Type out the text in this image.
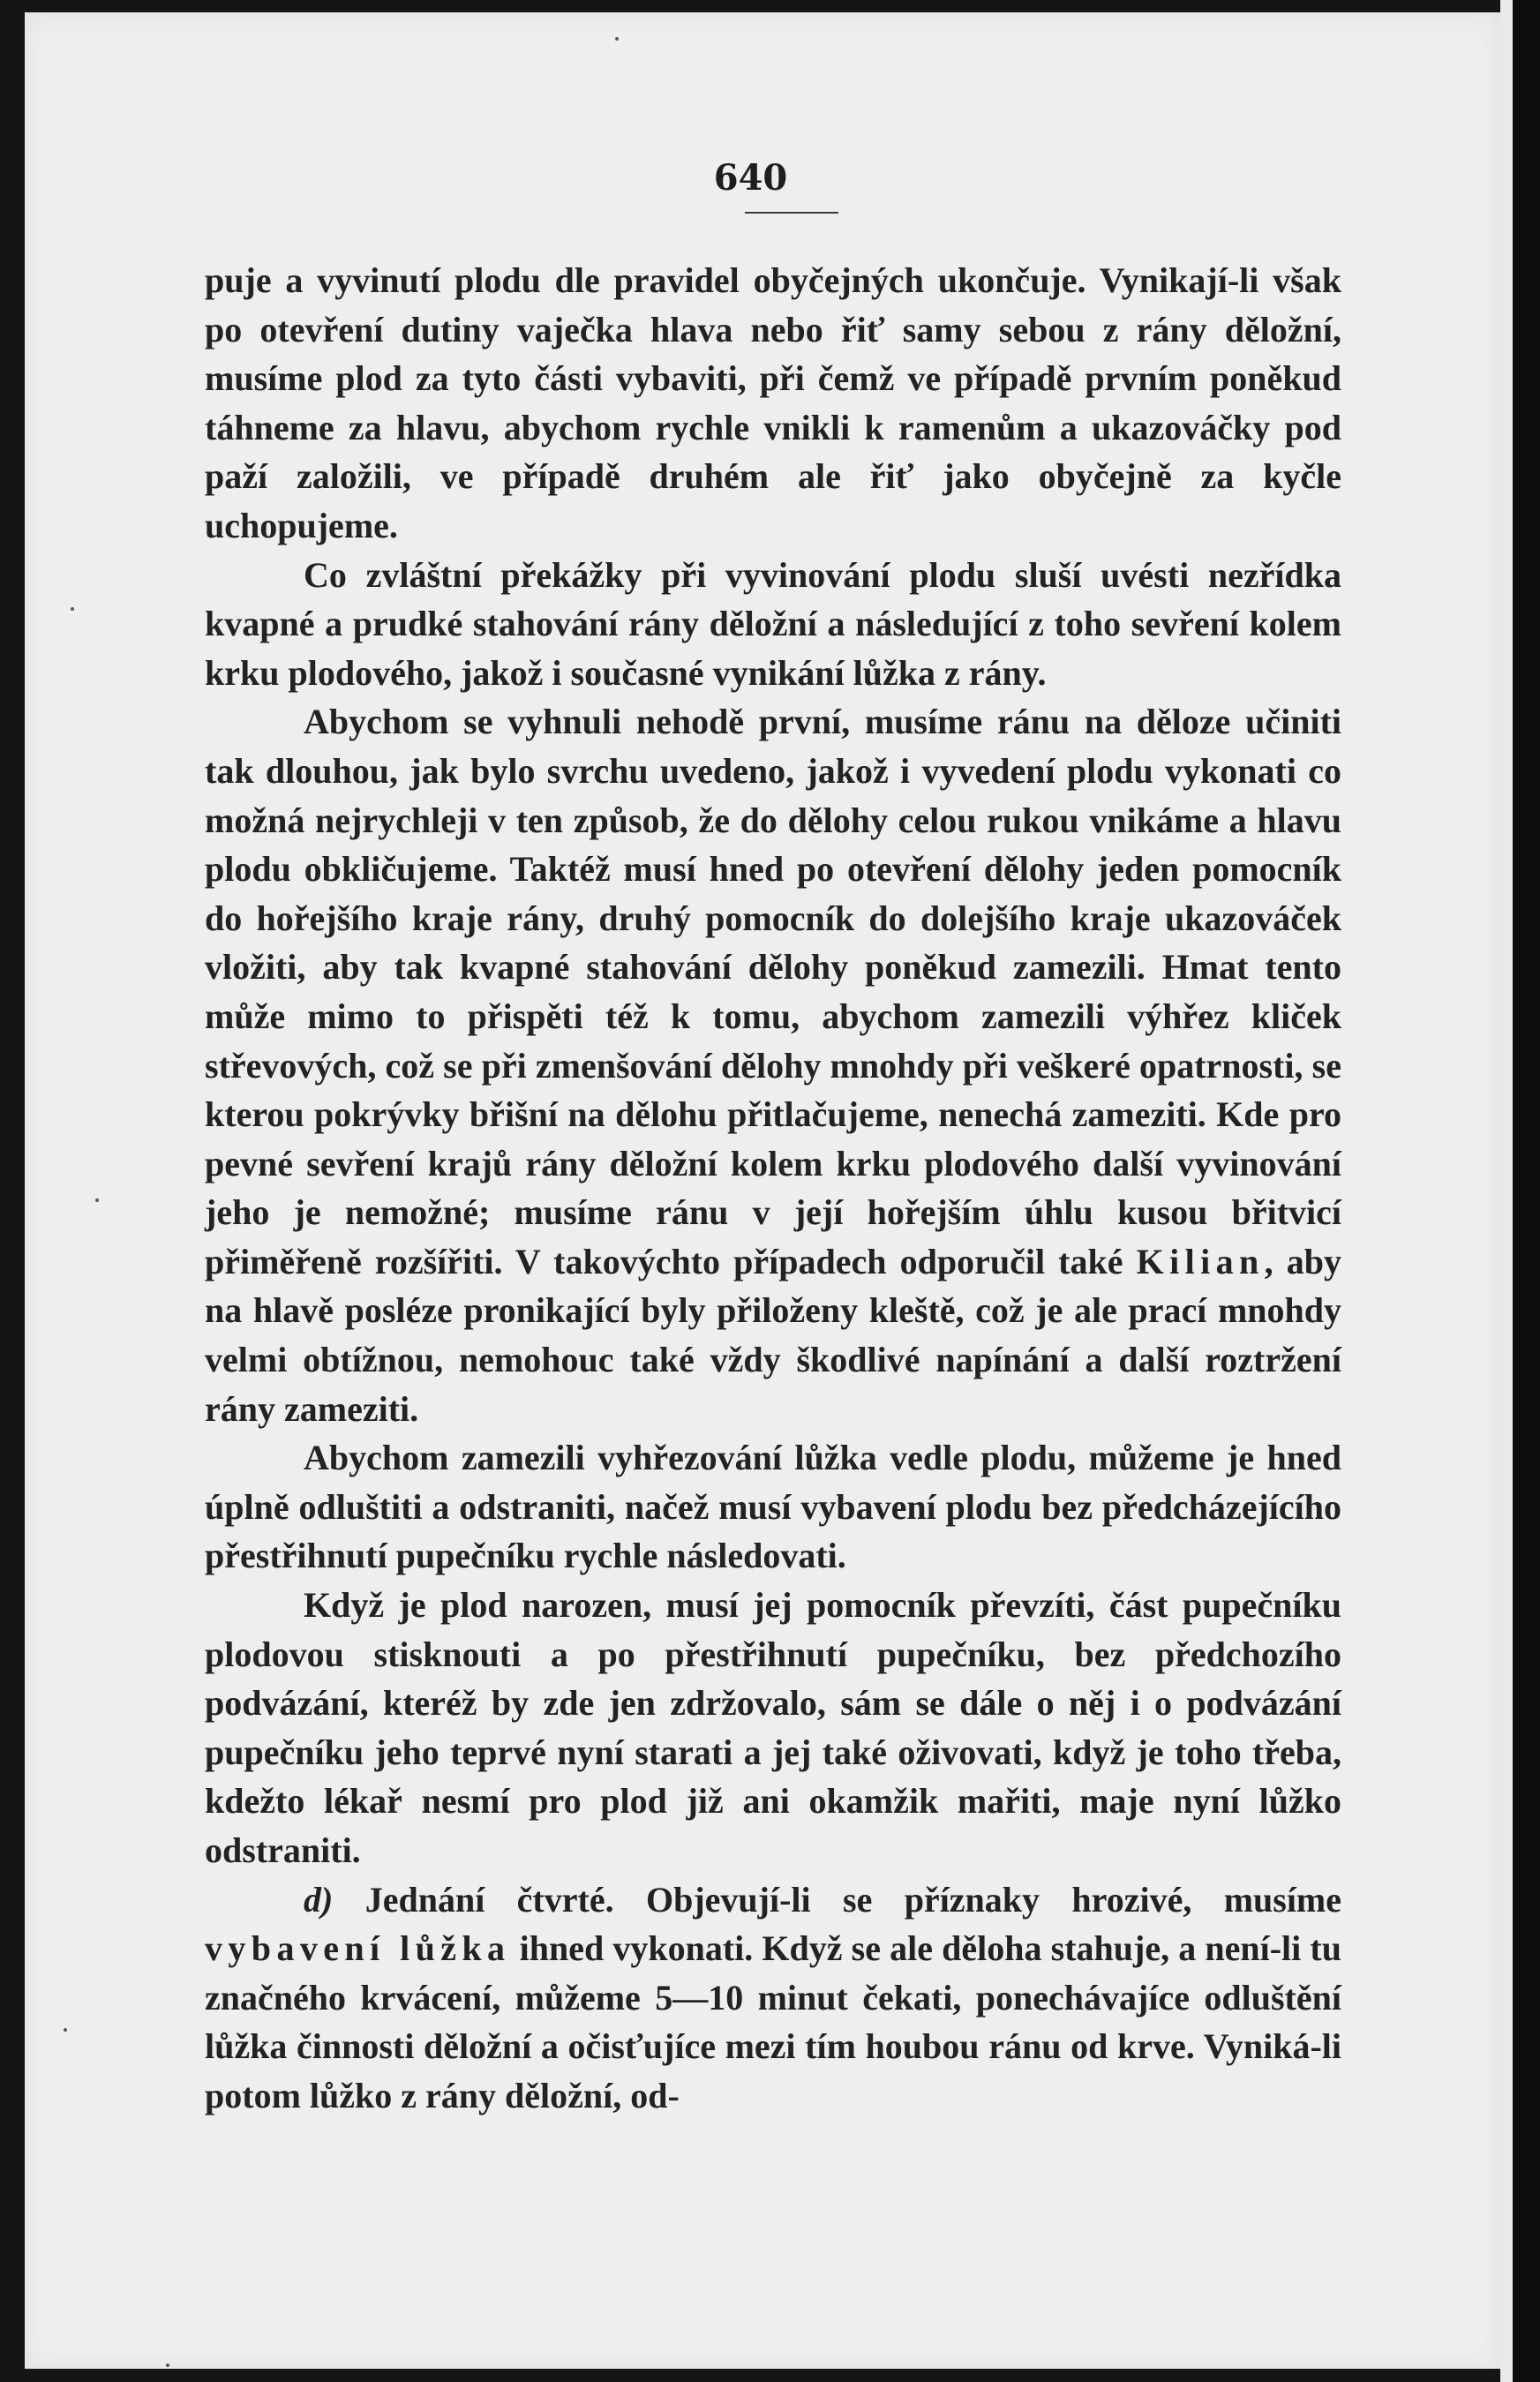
640

puje a vyvinutí plodu dle pravidel obyčejných ukončuje. Vynikají-li však po otevření dutiny vaječka hlava nebo řiť samy sebou z rány děložní, musíme plod za tyto části vybaviti, při čemž ve případě prvním poněkud táhneme za hlavu, abychom rychle vnikli k ramenům a ukazováčky pod paží založili, ve případě druhém ale řiť jako obyčejně za kyčle uchopujeme.

Co zvláštní překážky při vyvinování plodu sluší uvésti nezřídka kvapné a prudké stahování rány děložní a následující z toho sevření kolem krku plodového, jakož i současné vynikání lůžka z rány.

Abychom se vyhnuli nehodě první, musíme ránu na děloze učiniti tak dlouhou, jak bylo svrchu uvedeno, jakož i vyvedení plodu vykonati co možná nejrychleji v ten způsob, že do dělohy celou rukou vnikáme a hlavu plodu obkličujeme. Taktéž musí hned po otevření dělohy jeden pomocník do hořejšího kraje rány, druhý pomocník do dolejšího kraje ukazováček vložiti, aby tak kvapné stahování dělohy poněkud zamezili. Hmat tento může mimo to přispěti též k tomu, abychom zamezili výhřez kliček střevových, což se při zmenšování dělohy mnohdy při veškeré opatrnosti, se kterou pokrývky břišní na dělohu přitlačujeme, nenechá zameziti. Kde pro pevné sevření krajů rány děložní kolem krku plodového další vyvinování jeho je nemožné; musíme ránu v její hořejším úhlu kusou břitvicí přiměřeně rozšířiti. V takovýchto případech odporučil také Kilian, aby na hlavě posléze pronikající byly přiloženy kleště, což je ale prací mnohdy velmi obtížnou, nemohouc také vždy škodlivé napínání a další roztržení rány zameziti.

Abychom zamezili vyhřezování lůžka vedle plodu, můžeme je hned úplně odluštiti a odstraniti, načež musí vybavení plodu bez předcházejícího přestřihnutí pupečníku rychle následovati.

Když je plod narozen, musí jej pomocník převzíti, část pupečníku plodovou stisknouti a po přestřihnutí pupečníku, bez předchozího podvázání, kteréž by zde jen zdržovalo, sám se dále o něj i o podvázání pupečníku jeho teprvé nyní starati a jej také oživovati, když je toho třeba, kdežto lékař nesmí pro plod již ani okamžik mařiti, maje nyní lůžko odstraniti.

d) Jednání čtvrté. Objevují-li se příznaky hrozivé, musíme vybavení lůžka ihned vykonati. Když se ale děloha stahuje, a není-li tu značného krvácení, můžeme 5—10 minut čekati, ponechávajíce odluštění lůžka činnosti děložní a očisťujíce mezi tím houbou ránu od krve. Vyniká-li potom lůžko z rány děložní, od-
